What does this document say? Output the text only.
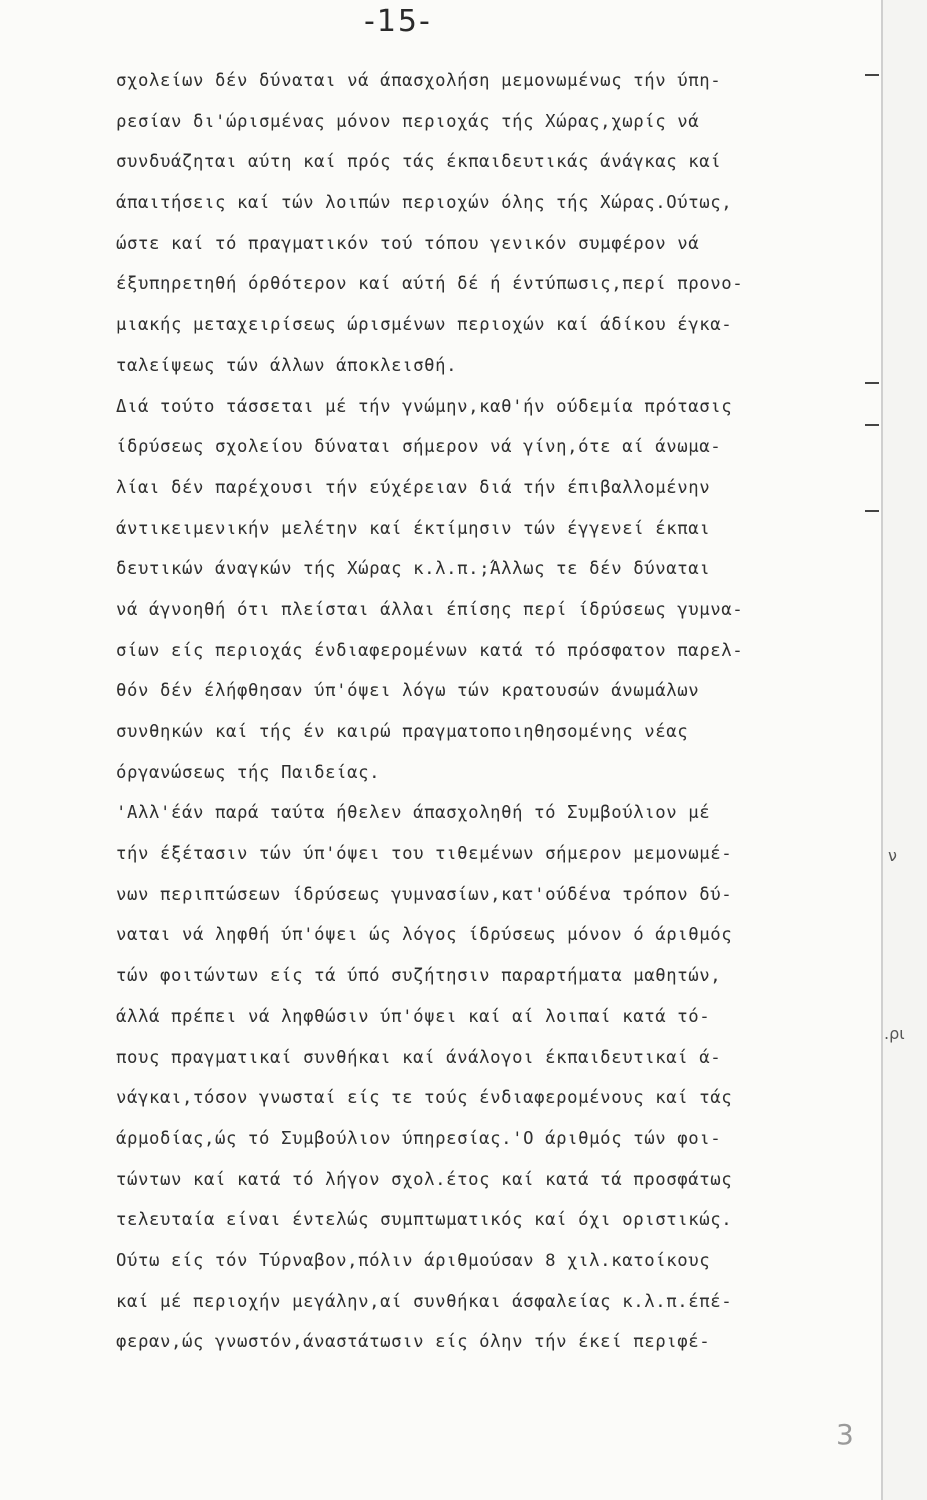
-15-
σχολείων δέν δύναται νά άπασχολήση μεμονωμένως τήν ύπη-
ρεσίαν δι'ώρισμένας μόνον περιοχάς τής Χώρας,χωρίς νά
συνδυάζηται αύτη καί πρός τάς έκπαιδευτικάς άνάγκας καί
άπαιτήσεις καί τών λοιπών περιοχών όλης τής Χώρας.Ούτως,
ώστε καί τό πραγματικόν τού τόπου γενικόν συμφέρον νά
έξυπηρετηθή όρθότερον καί αύτή δέ ή έντύπωσις,περί προνο-
μιακής μεταχειρίσεως ώρισμένων περιοχών καί άδίκου έγκα-
ταλείψεως τών άλλων άποκλεισθή.
Διά τούτο τάσσεται μέ τήν γνώμην,καθ'ήν ούδεμία πρότασις
ίδρύσεως σχολείου δύναται σήμερον νά γίνη,ότε αί άνωμα-
λίαι δέν παρέχουσι τήν εύχέρειαν διά τήν έπιβαλλομένην
άντικειμενικήν μελέτην καί έκτίμησιν τών έγγενεί έκπαι
δευτικών άναγκών τής Χώρας κ.λ.π.;Άλλως τε δέν δύναται
νά άγνοηθή ότι πλείσται άλλαι έπίσης περί ίδρύσεως γυμνα-
σίων είς περιοχάς ένδιαφερομένων κατά τό πρόσφατον παρελ-
θόν δέν έλήφθησαν ύπ'όψει λόγω τών κρατουσών άνωμάλων
συνθηκών καί τής έν καιρώ πραγματοποιηθησομένης νέας
όργανώσεως τής Παιδείας.
'Αλλ'έάν παρά ταύτα ήθελεν άπασχοληθή τό Συμβούλιον μέ
τήν έξέτασιν τών ύπ'όψει του τιθεμένων σήμερον μεμονωμέ-
νων περιπτώσεων ίδρύσεως γυμνασίων,κατ'ούδένα τρόπον δύ-
ναται νά ληφθή ύπ'όψει ώς λόγος ίδρύσεως μόνον ό άριθμός
τών φοιτώντων είς τά ύπό συζήτησιν παραρτήματα μαθητών,
άλλά πρέπει νά ληφθώσιν ύπ'όψει καί αί λοιπαί κατά τό-
πους πραγματικαί συνθήκαι καί άνάλογοι έκπαιδευτικαί ά-
νάγκαι,τόσον γνωσταί είς τε τούς ένδιαφερομένους καί τάς
άρμοδίας,ώς τό Συμβούλιον ύπηρεσίας.'Ο άριθμός τών φοι-
τώντων καί κατά τό λήγον σχολ.έτος καί κατά τά προσφάτως
τελευταία είναι έντελώς συμπτωματικός καί όχι οριστικώς.
Ούτω είς τόν Τύρναβον,πόλιν άριθμούσαν 8 χιλ.κατοίκους
καί μέ περιοχήν μεγάλην,αί συνθήκαι άσφαλείας κ.λ.π.έπέ-
φεραν,ώς γνωστόν,άναστάτωσιν είς όλην τήν έκεί περιφέ-
ν
.ρι
3
